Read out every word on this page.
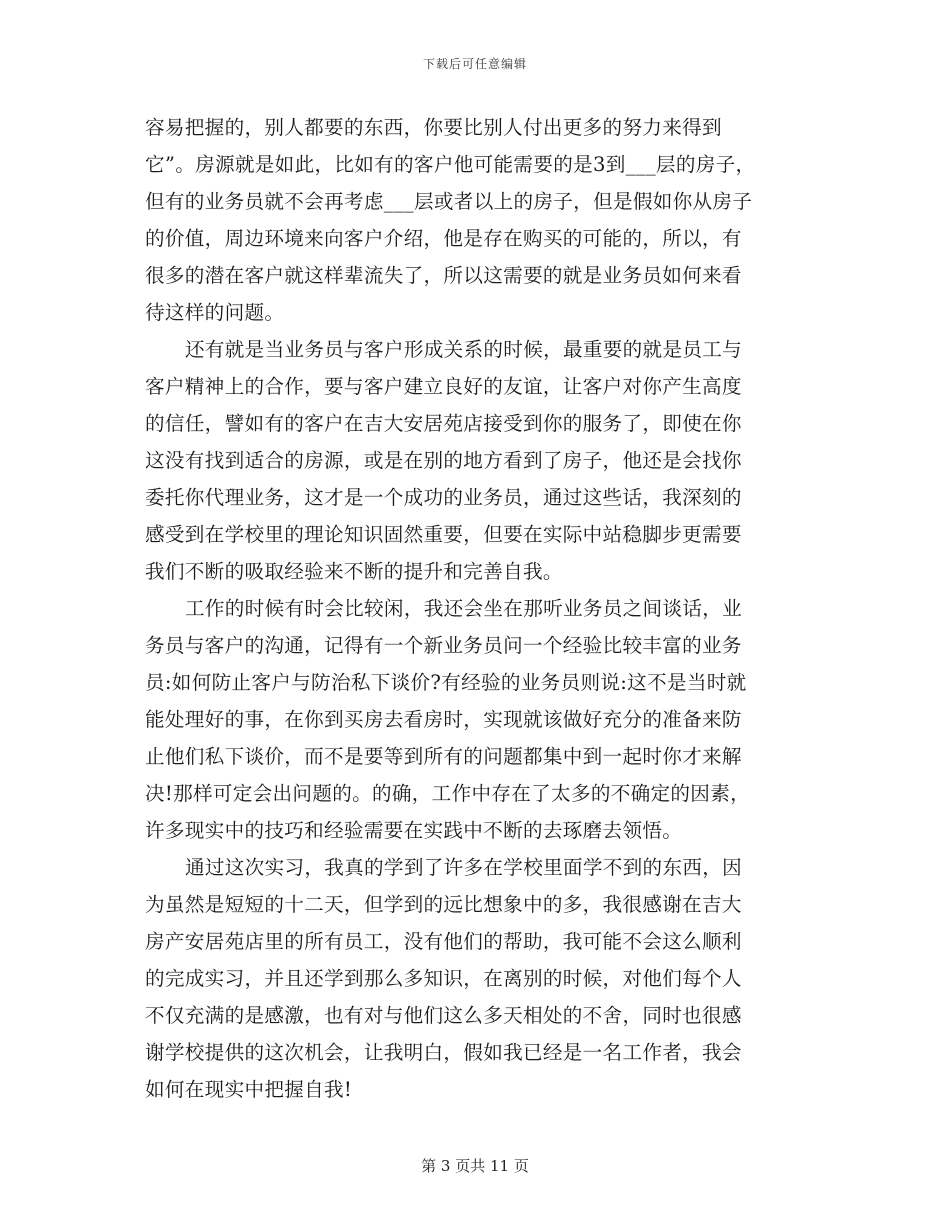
下载后可任意编辑
容易把握的，别人都要的东西，你要比别人付出更多的努力来得到
它”。房源就是如此，比如有的客户他可能需要的是3到___层的房子，
但有的业务员就不会再考虑___层或者以上的房子，但是假如你从房子
的价值，周边环境来向客户介绍，他是存在购买的可能的，所以，有
很多的潜在客户就这样辈流失了，所以这需要的就是业务员如何来看
待这样的问题。
还有就是当业务员与客户形成关系的时候，最重要的就是员工与
客户精神上的合作，要与客户建立良好的友谊，让客户对你产生高度
的信任，譬如有的客户在吉大安居苑店接受到你的服务了，即使在你
这没有找到适合的房源，或是在别的地方看到了房子，他还是会找你
委托你代理业务，这才是一个成功的业务员，通过这些话，我深刻的
感受到在学校里的理论知识固然重要，但要在实际中站稳脚步更需要
我们不断的吸取经验来不断的提升和完善自我。
工作的时候有时会比较闲，我还会坐在那听业务员之间谈话，业
务员与客户的沟通，记得有一个新业务员问一个经验比较丰富的业务
员:如何防止客户与防治私下谈价?有经验的业务员则说:这不是当时就
能处理好的事，在你到买房去看房时，实现就该做好充分的准备来防
止他们私下谈价，而不是要等到所有的问题都集中到一起时你才来解
决!那样可定会出问题的。的确，工作中存在了太多的不确定的因素，
许多现实中的技巧和经验需要在实践中不断的去琢磨去领悟。
通过这次实习，我真的学到了许多在学校里面学不到的东西，因
为虽然是短短的十二天，但学到的远比想象中的多，我很感谢在吉大
房产安居苑店里的所有员工，没有他们的帮助，我可能不会这么顺利
的完成实习，并且还学到那么多知识，在离别的时候，对他们每个人
不仅充满的是感激，也有对与他们这么多天相处的不舍，同时也很感
谢学校提供的这次机会，让我明白，假如我已经是一名工作者，我会
如何在现实中把握自我!
第 3 页共 11 页
